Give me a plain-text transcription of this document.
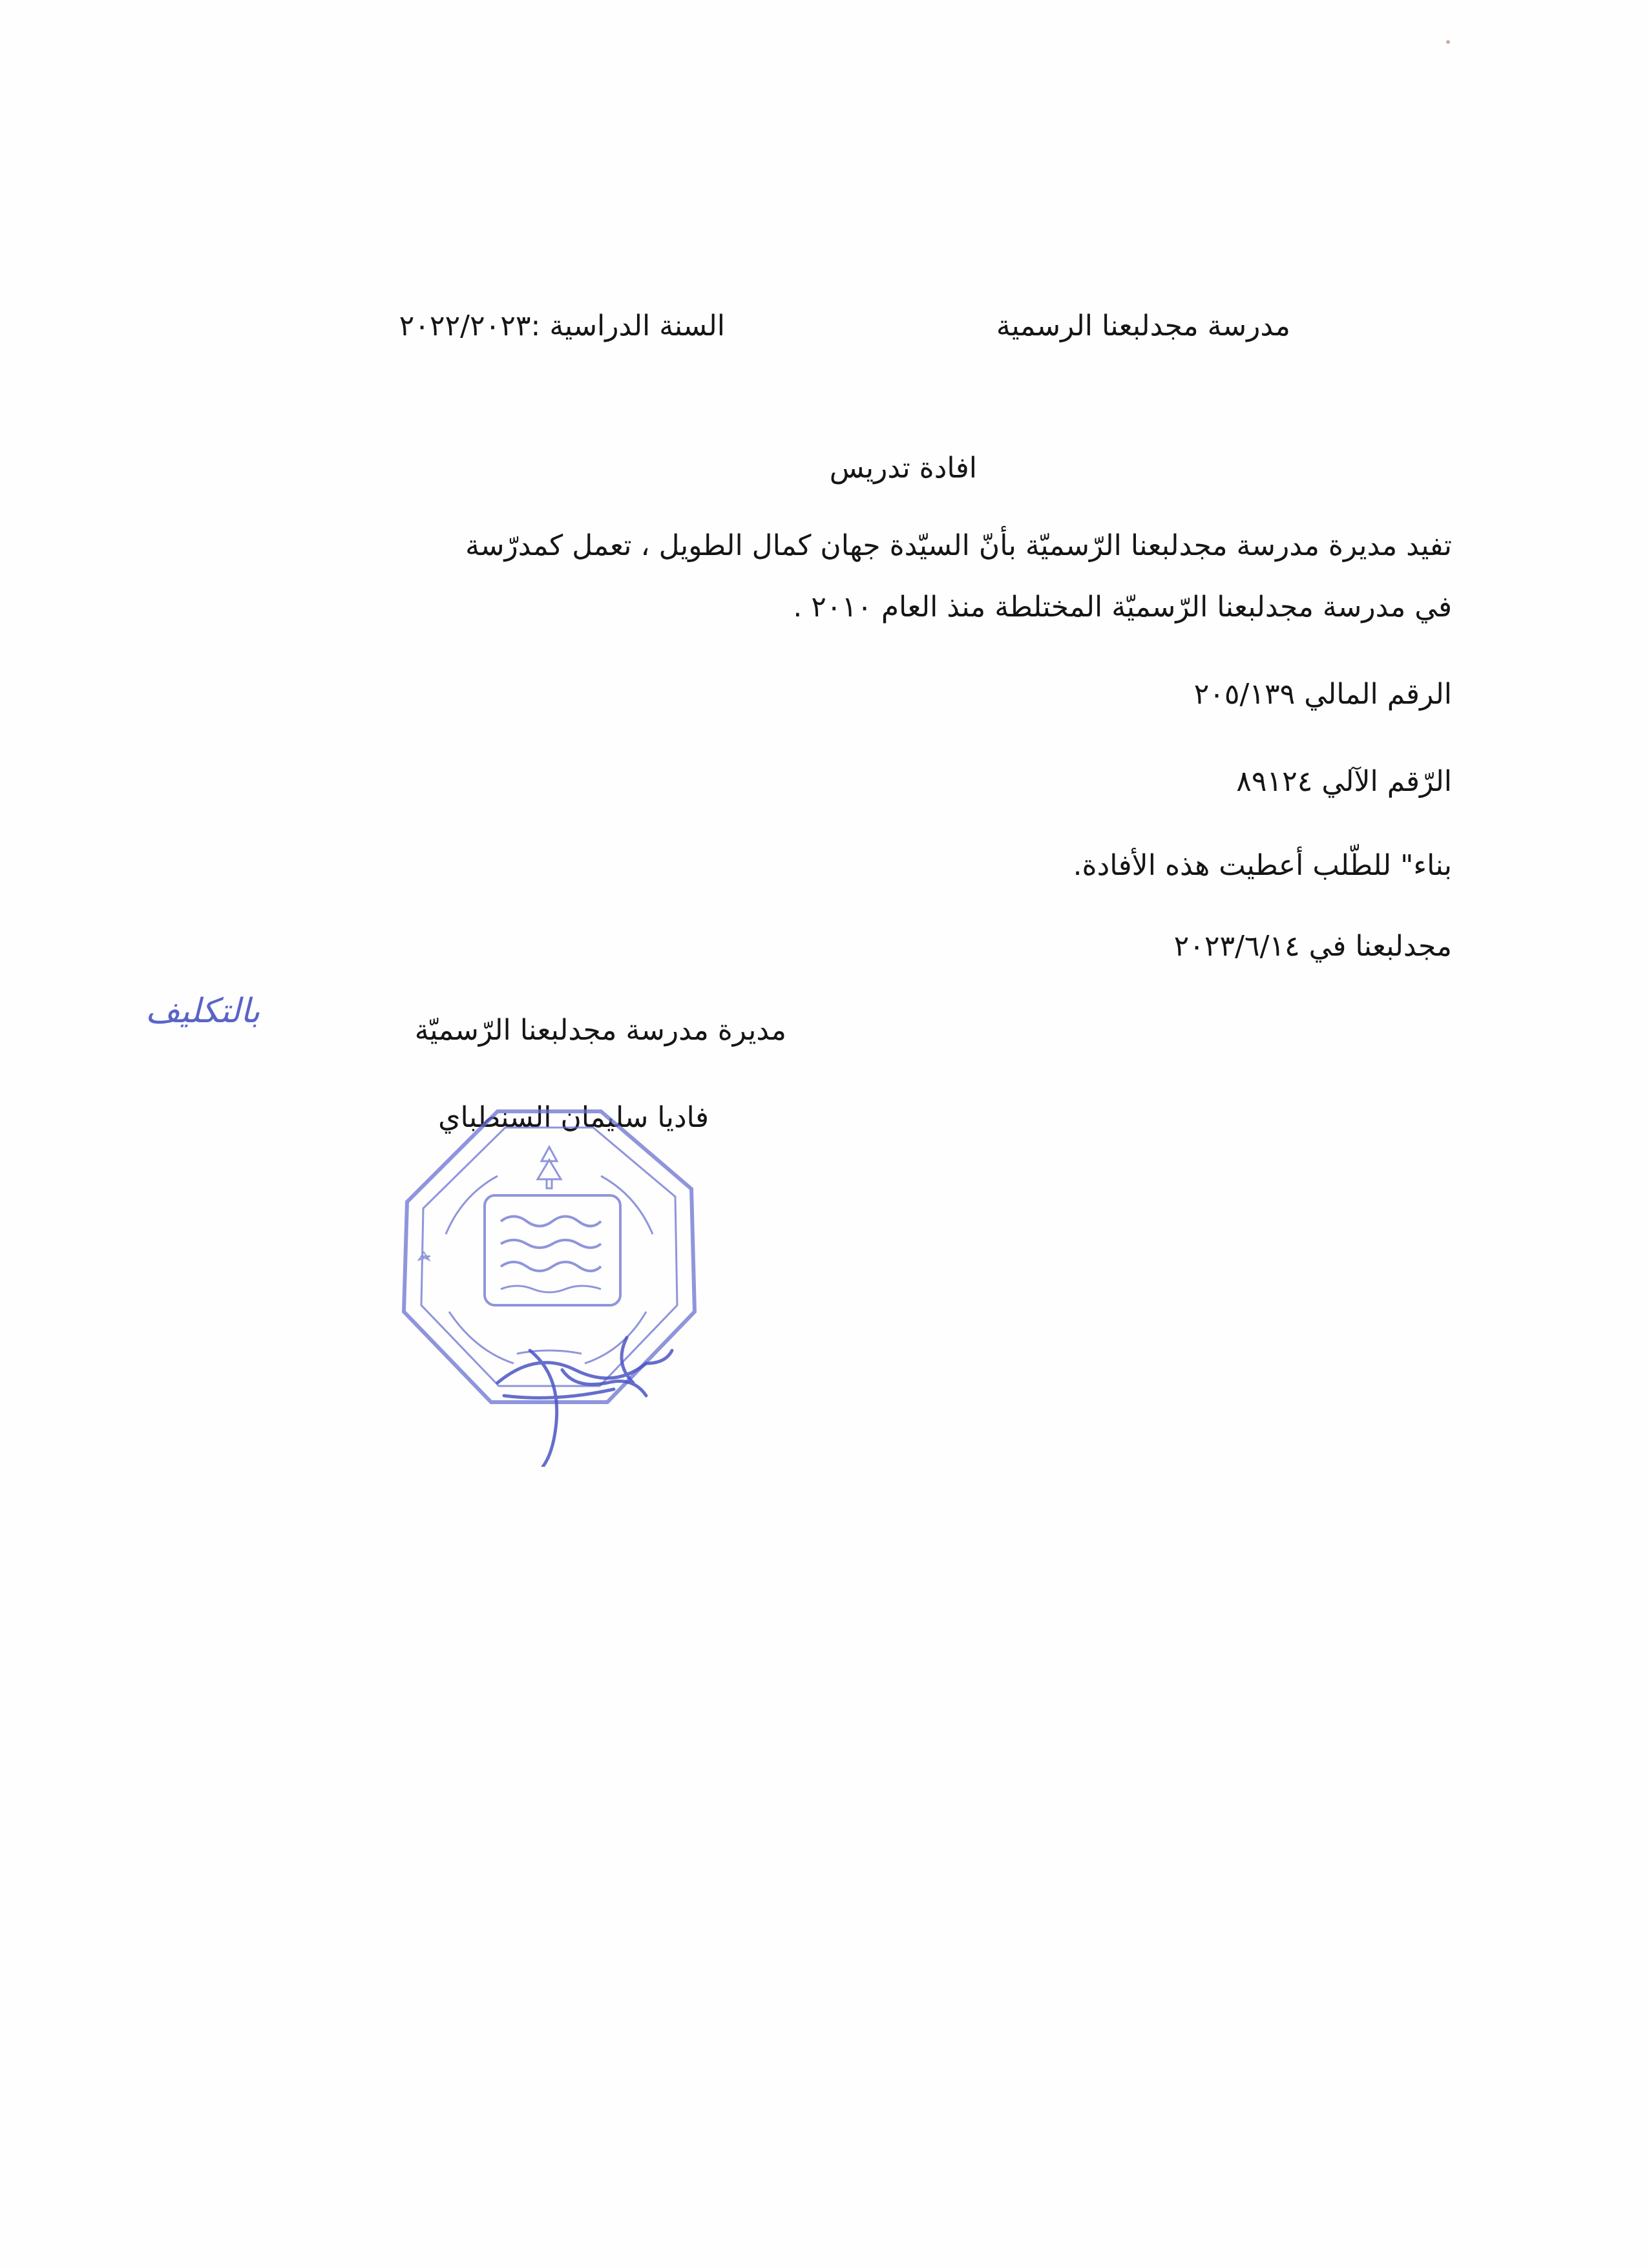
مدرسة مجدلبعنا الرسمية
السنة الدراسية :٢٠٢٢/٢٠٢٣
افادة تدريس
تفيد مديرة مدرسة مجدلبعنا الرّسميّة بأنّ السيّدة جهان كمال الطويل ، تعمل كمدرّسة
في مدرسة مجدلبعنا الرّسميّة المختلطة منذ العام ٢٠١٠ .
الرقم المالي ٢٠٥/١٣٩
الرّقم الآلي ٨٩١٢٤
بناء" للطّلب أعطيت هذه الأفادة.
مجدلبعنا في ٢٠٢٣/٦/١٤
مديرة مدرسة مجدلبعنا الرّسميّة
بالتكليف
فاديا سليمان السنطباي
